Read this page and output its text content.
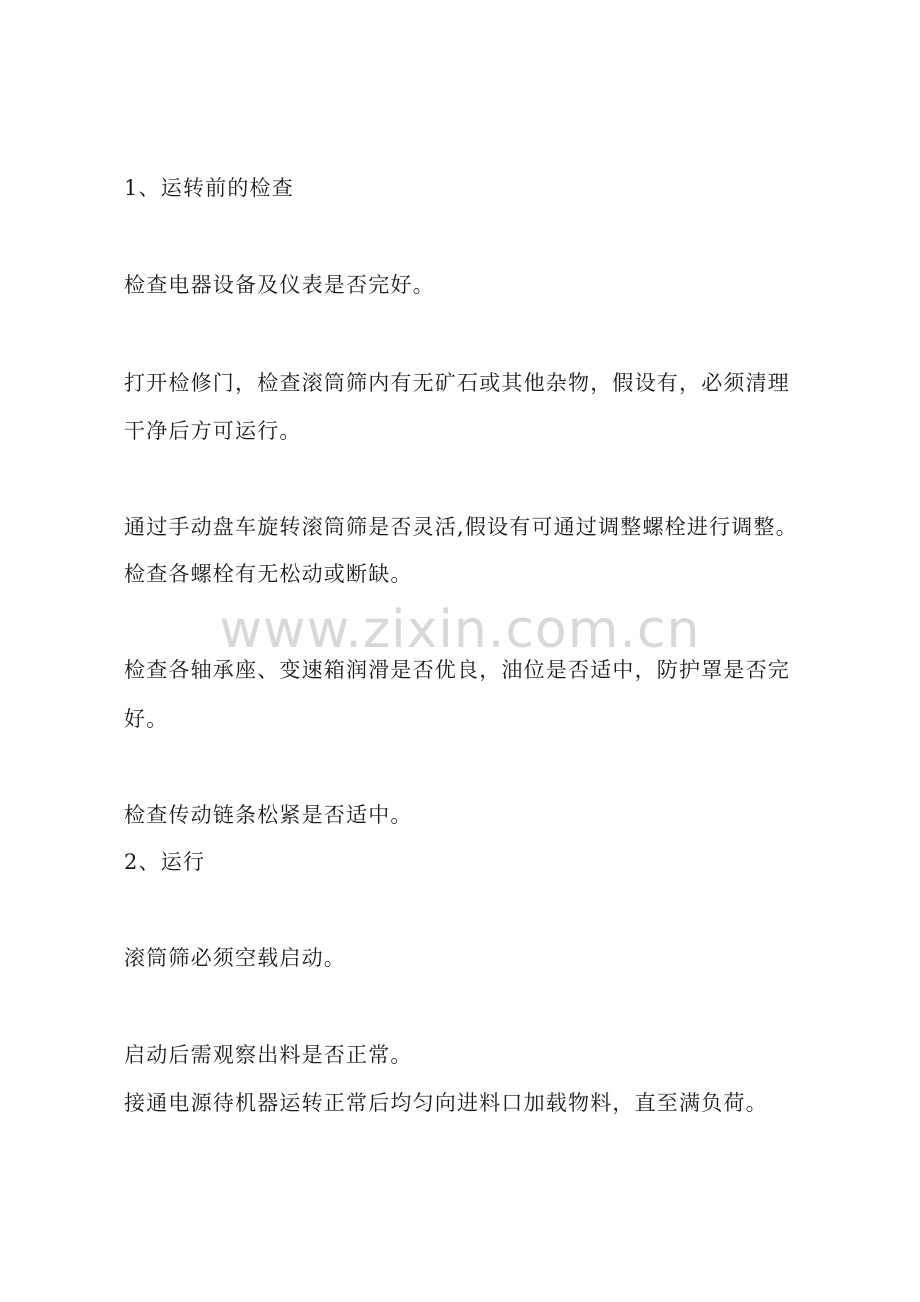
www.zixin.com.cn
1、运转前的检查
检查电器设备及仪表是否完好。
打开检修门，检查滚筒筛内有无矿石或其他杂物，假设有，必须清理
干净后方可运行。
通过手动盘车旋转滚筒筛是否灵活,假设有可通过调整螺栓进行调整。
检查各螺栓有无松动或断缺。
检查各轴承座、变速箱润滑是否优良，油位是否适中，防护罩是否完
好。
检查传动链条松紧是否适中。
2、运行
滚筒筛必须空载启动。
启动后需观察出料是否正常。
接通电源待机器运转正常后均匀向进料口加载物料，直至满负荷。
